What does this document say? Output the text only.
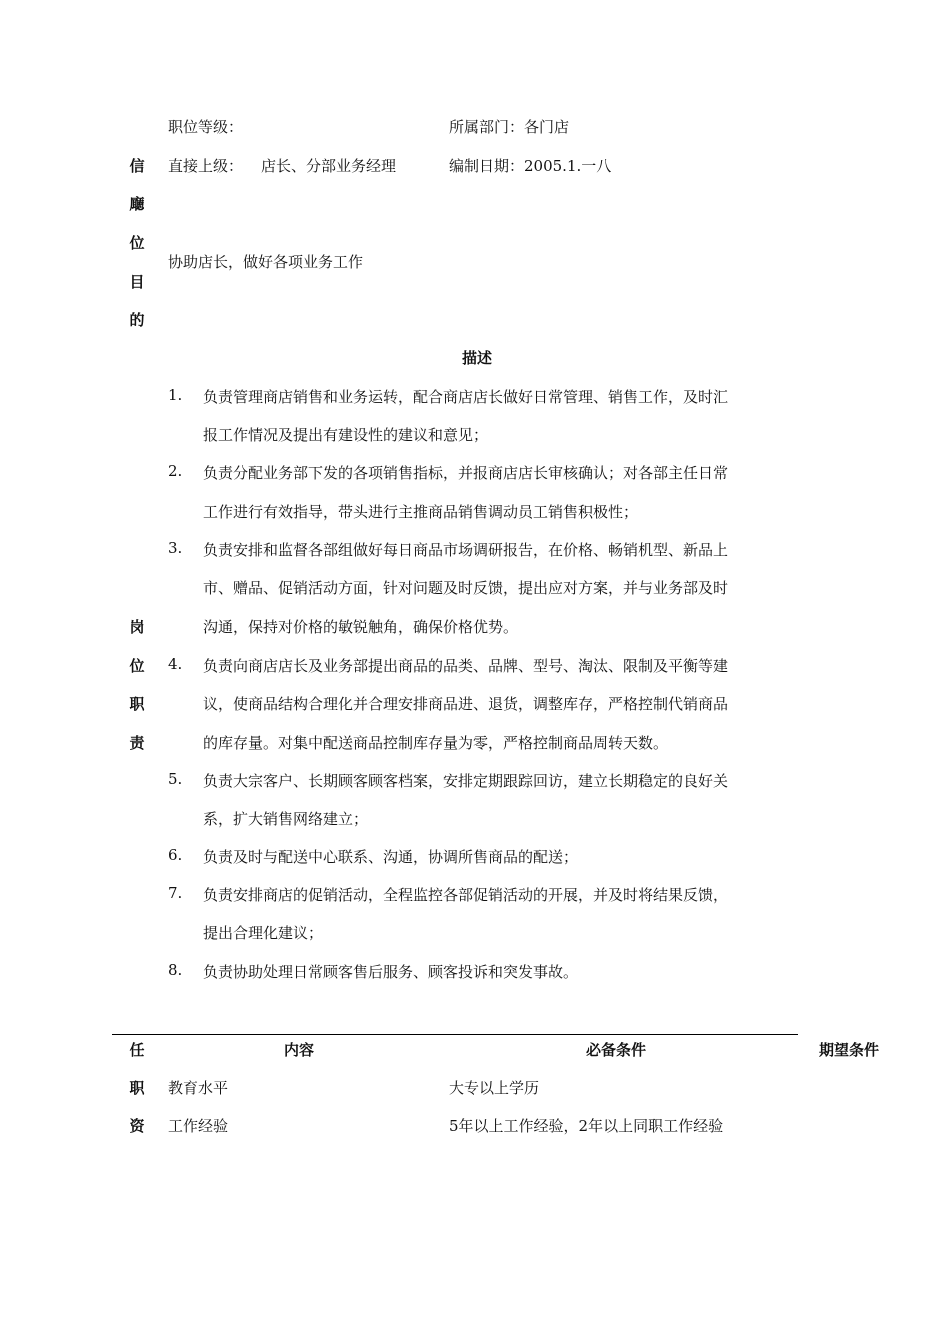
职位等级：	所属部门：各门店
直接上级： 店长、分部业务经理	编制日期：2005.1.一八
信
廰
位
目
的
协助店长，做好各项业务工作
描述
岗
位
职
责
1. 负责管理商店销售和业务运转，配合商店店长做好日常管理、销售工作，及时汇
报工作情况及提出有建设性的建议和意见；
2. 负责分配业务部下发的各项销售指标，并报商店店长审核确认；对各部主任日常
工作进行有效指导，带头进行主推商品销售调动员工销售积极性；
3. 负责安排和监督各部组做好每日商品市场调研报告，在价格、畅销机型、新品上
市、赠品、促销活动方面，针对问题及时反馈，提出应对方案，并与业务部及时
沟通，保持对价格的敏锐触角，确保价格优势。
4. 负责向商店店长及业务部提出商品的品类、品牌、型号、淘汰、限制及平衡等建
议，使商品结构合理化并合理安排商品进、退货，调整库存，严格控制代销商品
的库存量。对集中配送商品控制库存量为零，严格控制商品周转天数。
5. 负责大宗客户、长期顾客顾客档案，安排定期跟踪回访，建立长期稳定的良好关
系，扩大销售网络建立；
6. 负责及时与配送中心联系、沟通，协调所售商品的配送；
7. 负责安排商店的促销活动，全程监控各部促销活动的开展，并及时将结果反馈，
提出合理化建议；
8. 负责协助处理日常顾客售后服务、顾客投诉和突发事故。
任
职
资
内容	必备条件	期望条件
教育水平	大专以上学历
工作经验	5年以上工作经验，2年以上同职工作经验
